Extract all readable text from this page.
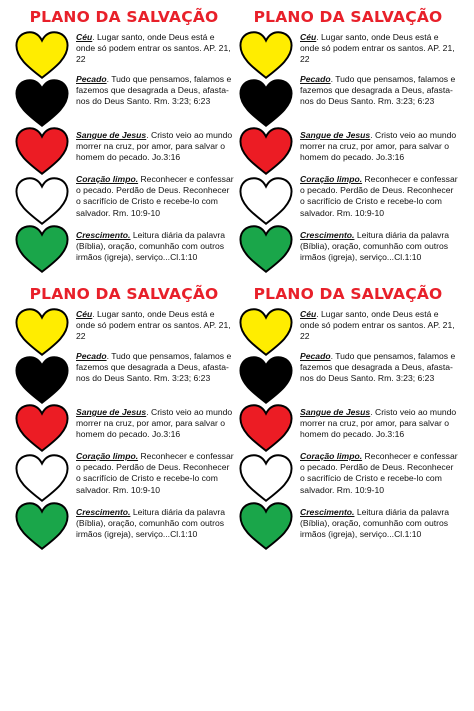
PLANO DA SALVAÇÃO
Céu. Lugar santo, onde Deus está e onde só podem entrar os santos. AP. 21, 22
Pecado. Tudo que pensamos, falamos e fazemos que desagrada a Deus, afasta-nos do Deus Santo. Rm. 3:23; 6:23
Sangue de Jesus. Cristo veio ao mundo morrer na cruz, por amor, para salvar o homem do pecado. Jo.3:16
Coração limpo. Reconhecer e confessar o pecado. Perdão de Deus. Reconhecer o sacrifício de Cristo e recebe-lo com salvador. Rm. 10:9-10
Crescimento. Leitura diária da palavra (Bíblia), oração, comunhão com outros irmãos (igreja), serviço...Cl.1:10
PLANO DA SALVAÇÃO
Céu. Lugar santo, onde Deus está e onde só podem entrar os santos. AP. 21, 22
Pecado. Tudo que pensamos, falamos e fazemos que desagrada a Deus, afasta-nos do Deus Santo. Rm. 3:23; 6:23
Sangue de Jesus. Cristo veio ao mundo morrer na cruz, por amor, para salvar o homem do pecado. Jo.3:16
Coração limpo. Reconhecer e confessar o pecado. Perdão de Deus. Reconhecer o sacrifício de Cristo e recebe-lo com salvador. Rm. 10:9-10
Crescimento. Leitura diária da palavra (Bíblia), oração, comunhão com outros irmãos (igreja), serviço...Cl.1:10
PLANO DA SALVAÇÃO
Céu. Lugar santo, onde Deus está e onde só podem entrar os santos. AP. 21, 22
Pecado. Tudo que pensamos, falamos e fazemos que desagrada a Deus, afasta-nos do Deus Santo. Rm. 3:23; 6:23
Sangue de Jesus. Cristo veio ao mundo morrer na cruz, por amor, para salvar o homem do pecado. Jo.3:16
Coração limpo. Reconhecer e confessar o pecado. Perdão de Deus. Reconhecer o sacrifício de Cristo e recebe-lo com salvador. Rm. 10:9-10
Crescimento. Leitura diária da palavra (Bíblia), oração, comunhão com outros irmãos (igreja), serviço...Cl.1:10
PLANO DA SALVAÇÃO
Céu. Lugar santo, onde Deus está e onde só podem entrar os santos. AP. 21, 22
Pecado. Tudo que pensamos, falamos e fazemos que desagrada a Deus, afasta-nos do Deus Santo. Rm. 3:23; 6:23
Sangue de Jesus. Cristo veio ao mundo morrer na cruz, por amor, para salvar o homem do pecado. Jo.3:16
Coração limpo. Reconhecer e confessar o pecado. Perdão de Deus. Reconhecer o sacrifício de Cristo e recebe-lo com salvador. Rm. 10:9-10
Crescimento. Leitura diária da palavra (Bíblia), oração, comunhão com outros irmãos (igreja), serviço...Cl.1:10
